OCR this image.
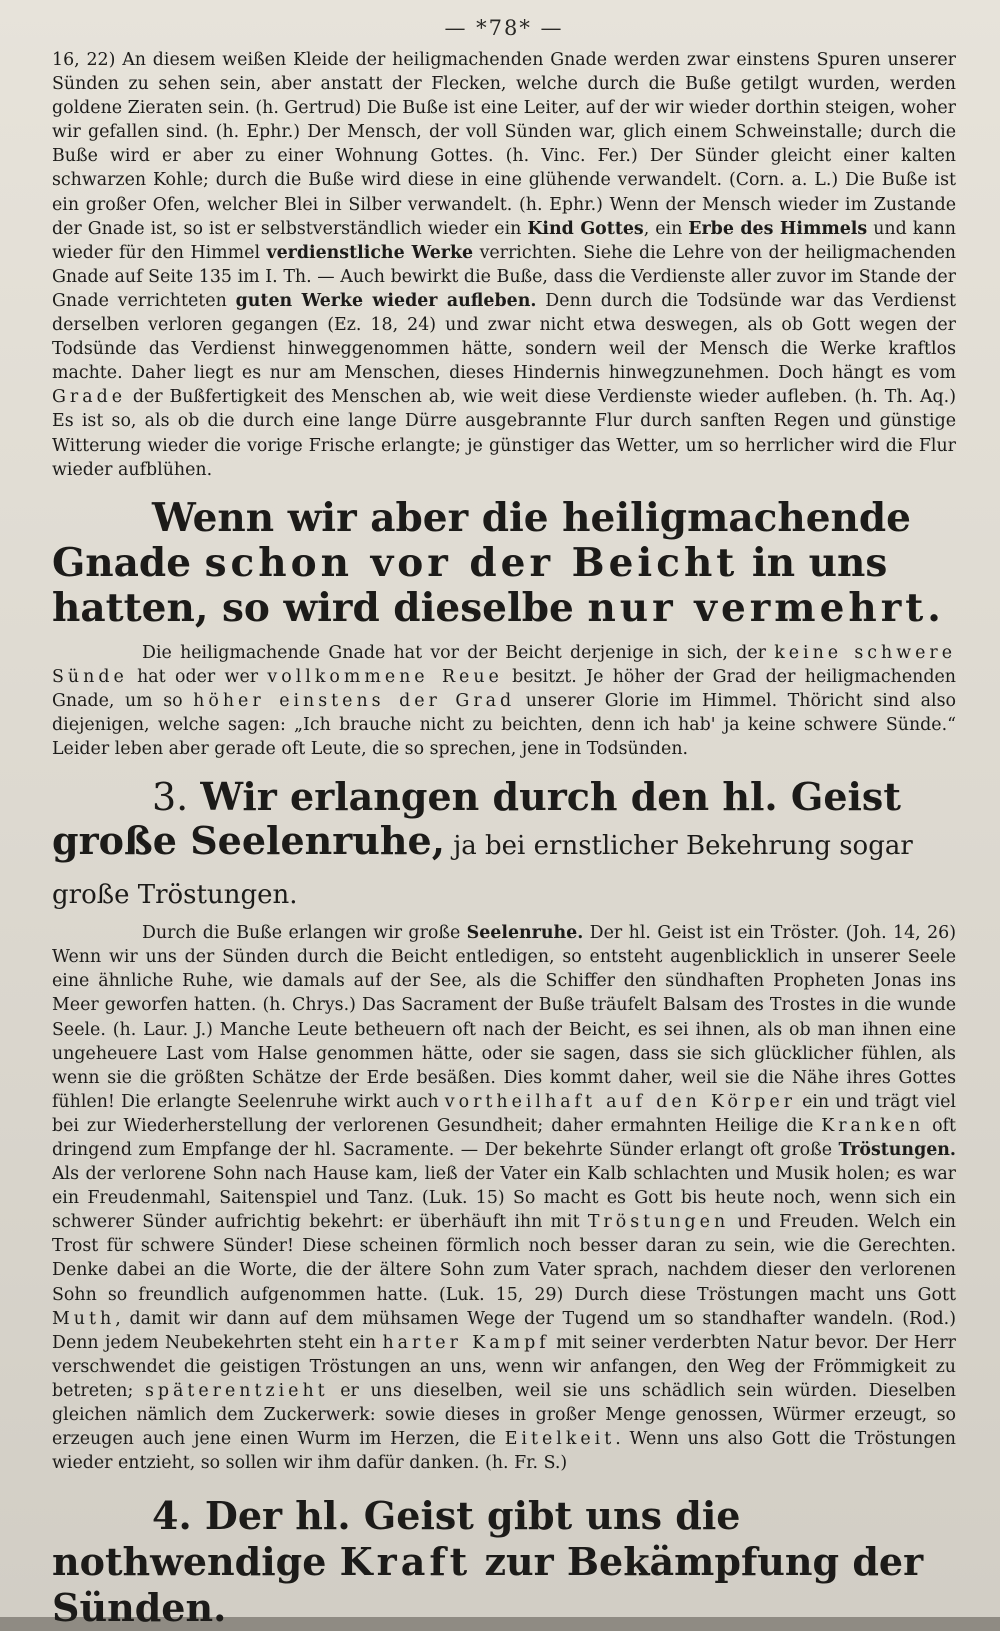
— *78* —

16, 22) An diesem weißen Kleide der heiligmachenden Gnade werden zwar einstens Spuren unserer Sünden zu sehen sein, aber anstatt der Flecken, welche durch die Buße getilgt wurden, werden goldene Zieraten sein. (h. Gertrud) Die Buße ist eine Leiter, auf der wir wieder dorthin steigen, woher wir gefallen sind. (h. Ephr.) Der Mensch, der voll Sünden war, glich einem Schweinstalle; durch die Buße wird er aber zu einer Wohnung Gottes. (h. Vinc. Fer.) Der Sünder gleicht einer kalten schwarzen Kohle; durch die Buße wird diese in eine glühende verwandelt. (Corn. a. L.) Die Buße ist ein großer Ofen, welcher Blei in Silber verwandelt. (h. Ephr.) Wenn der Mensch wieder im Zustande der Gnade ist, so ist er selbstverständlich wieder ein Kind Gottes, ein Erbe des Himmels und kann wieder für den Himmel verdienstliche Werke verrichten. Siehe die Lehre von der heiligmachenden Gnade auf Seite 135 im I. Th. — Auch bewirkt die Buße, dass die Verdienste aller zuvor im Stande der Gnade verrichteten guten Werke wieder aufleben. Denn durch die Todsünde war das Verdienst derselben verloren gegangen (Ez. 18, 24) und zwar nicht etwa deswegen, als ob Gott wegen der Todsünde das Verdienst hinweggenommen hätte, sondern weil der Mensch die Werke kraftlos machte. Daher liegt es nur am Menschen, dieses Hindernis hinwegzunehmen. Doch hängt es vom Grade der Bußfertigkeit des Menschen ab, wie weit diese Verdienste wieder aufleben. (h. Th. Aq.) Es ist so, als ob die durch eine lange Dürre ausgebrannte Flur durch sanften Regen und günstige Witterung wieder die vorige Frische erlangte; je günstiger das Wetter, um so herrlicher wird die Flur wieder aufblühen.

Wenn wir aber die heiligmachende Gnade schon vor der Beicht in uns hatten, so wird dieselbe nur vermehrt.

Die heiligmachende Gnade hat vor der Beicht derjenige in sich, der keine schwere Sünde hat oder wer vollkommene Reue besitzt. Je höher der Grad der heiligmachenden Gnade, um so höher einstens der Grad unserer Glorie im Himmel. Thöricht sind also diejenigen, welche sagen: „Ich brauche nicht zu beichten, denn ich hab' ja keine schwere Sünde.“ Leider leben aber gerade oft Leute, die so sprechen, jene in Todsünden.

3. Wir erlangen durch den hl. Geist große Seelenruhe, ja bei ernstlicher Bekehrung sogar große Tröstungen.

Durch die Buße erlangen wir große Seelenruhe. Der hl. Geist ist ein Tröster. (Joh. 14, 26) Wenn wir uns der Sünden durch die Beicht entledigen, so entsteht augenblicklich in unserer Seele eine ähnliche Ruhe, wie damals auf der See, als die Schiffer den sündhaften Propheten Jonas ins Meer geworfen hatten. (h. Chrys.) Das Sacrament der Buße träufelt Balsam des Trostes in die wunde Seele. (h. Laur. J.) Manche Leute betheuern oft nach der Beicht, es sei ihnen, als ob man ihnen eine ungeheuere Last vom Halse genommen hätte, oder sie sagen, dass sie sich glücklicher fühlen, als wenn sie die größten Schätze der Erde besäßen. Dies kommt daher, weil sie die Nähe ihres Gottes fühlen! Die erlangte Seelenruhe wirkt auch vortheilhaft auf den Körper ein und trägt viel bei zur Wiederherstellung der verlorenen Gesundheit; daher ermahnten Heilige die Kranken oft dringend zum Empfange der hl. Sacramente. — Der bekehrte Sünder erlangt oft große Tröstungen. Als der verlorene Sohn nach Hause kam, ließ der Vater ein Kalb schlachten und Musik holen; es war ein Freudenmahl, Saitenspiel und Tanz. (Luk. 15) So macht es Gott bis heute noch, wenn sich ein schwerer Sünder aufrichtig bekehrt: er überhäuft ihn mit Tröstungen und Freuden. Welch ein Trost für schwere Sünder! Diese scheinen förmlich noch besser daran zu sein, wie die Gerechten. Denke dabei an die Worte, die der ältere Sohn zum Vater sprach, nachdem dieser den verlorenen Sohn so freundlich aufgenommen hatte. (Luk. 15, 29) Durch diese Tröstungen macht uns Gott Muth, damit wir dann auf dem mühsamen Wege der Tugend um so standhafter wandeln. (Rod.) Denn jedem Neubekehrten steht ein harter Kampf mit seiner verderbten Natur bevor. Der Herr verschwendet die geistigen Tröstungen an uns, wenn wir anfangen, den Weg der Frömmigkeit zu betreten; späterentzieht er uns dieselben, weil sie uns schädlich sein würden. Dieselben gleichen nämlich dem Zuckerwerk: sowie dieses in großer Menge genossen, Würmer erzeugt, so erzeugen auch jene einen Wurm im Herzen, die Eitelkeit. Wenn uns also Gott die Tröstungen wieder entzieht, so sollen wir ihm dafür danken. (h. Fr. S.)

4. Der hl. Geist gibt uns die nothwendige Kraft zur Bekämpfung der Sünden.
